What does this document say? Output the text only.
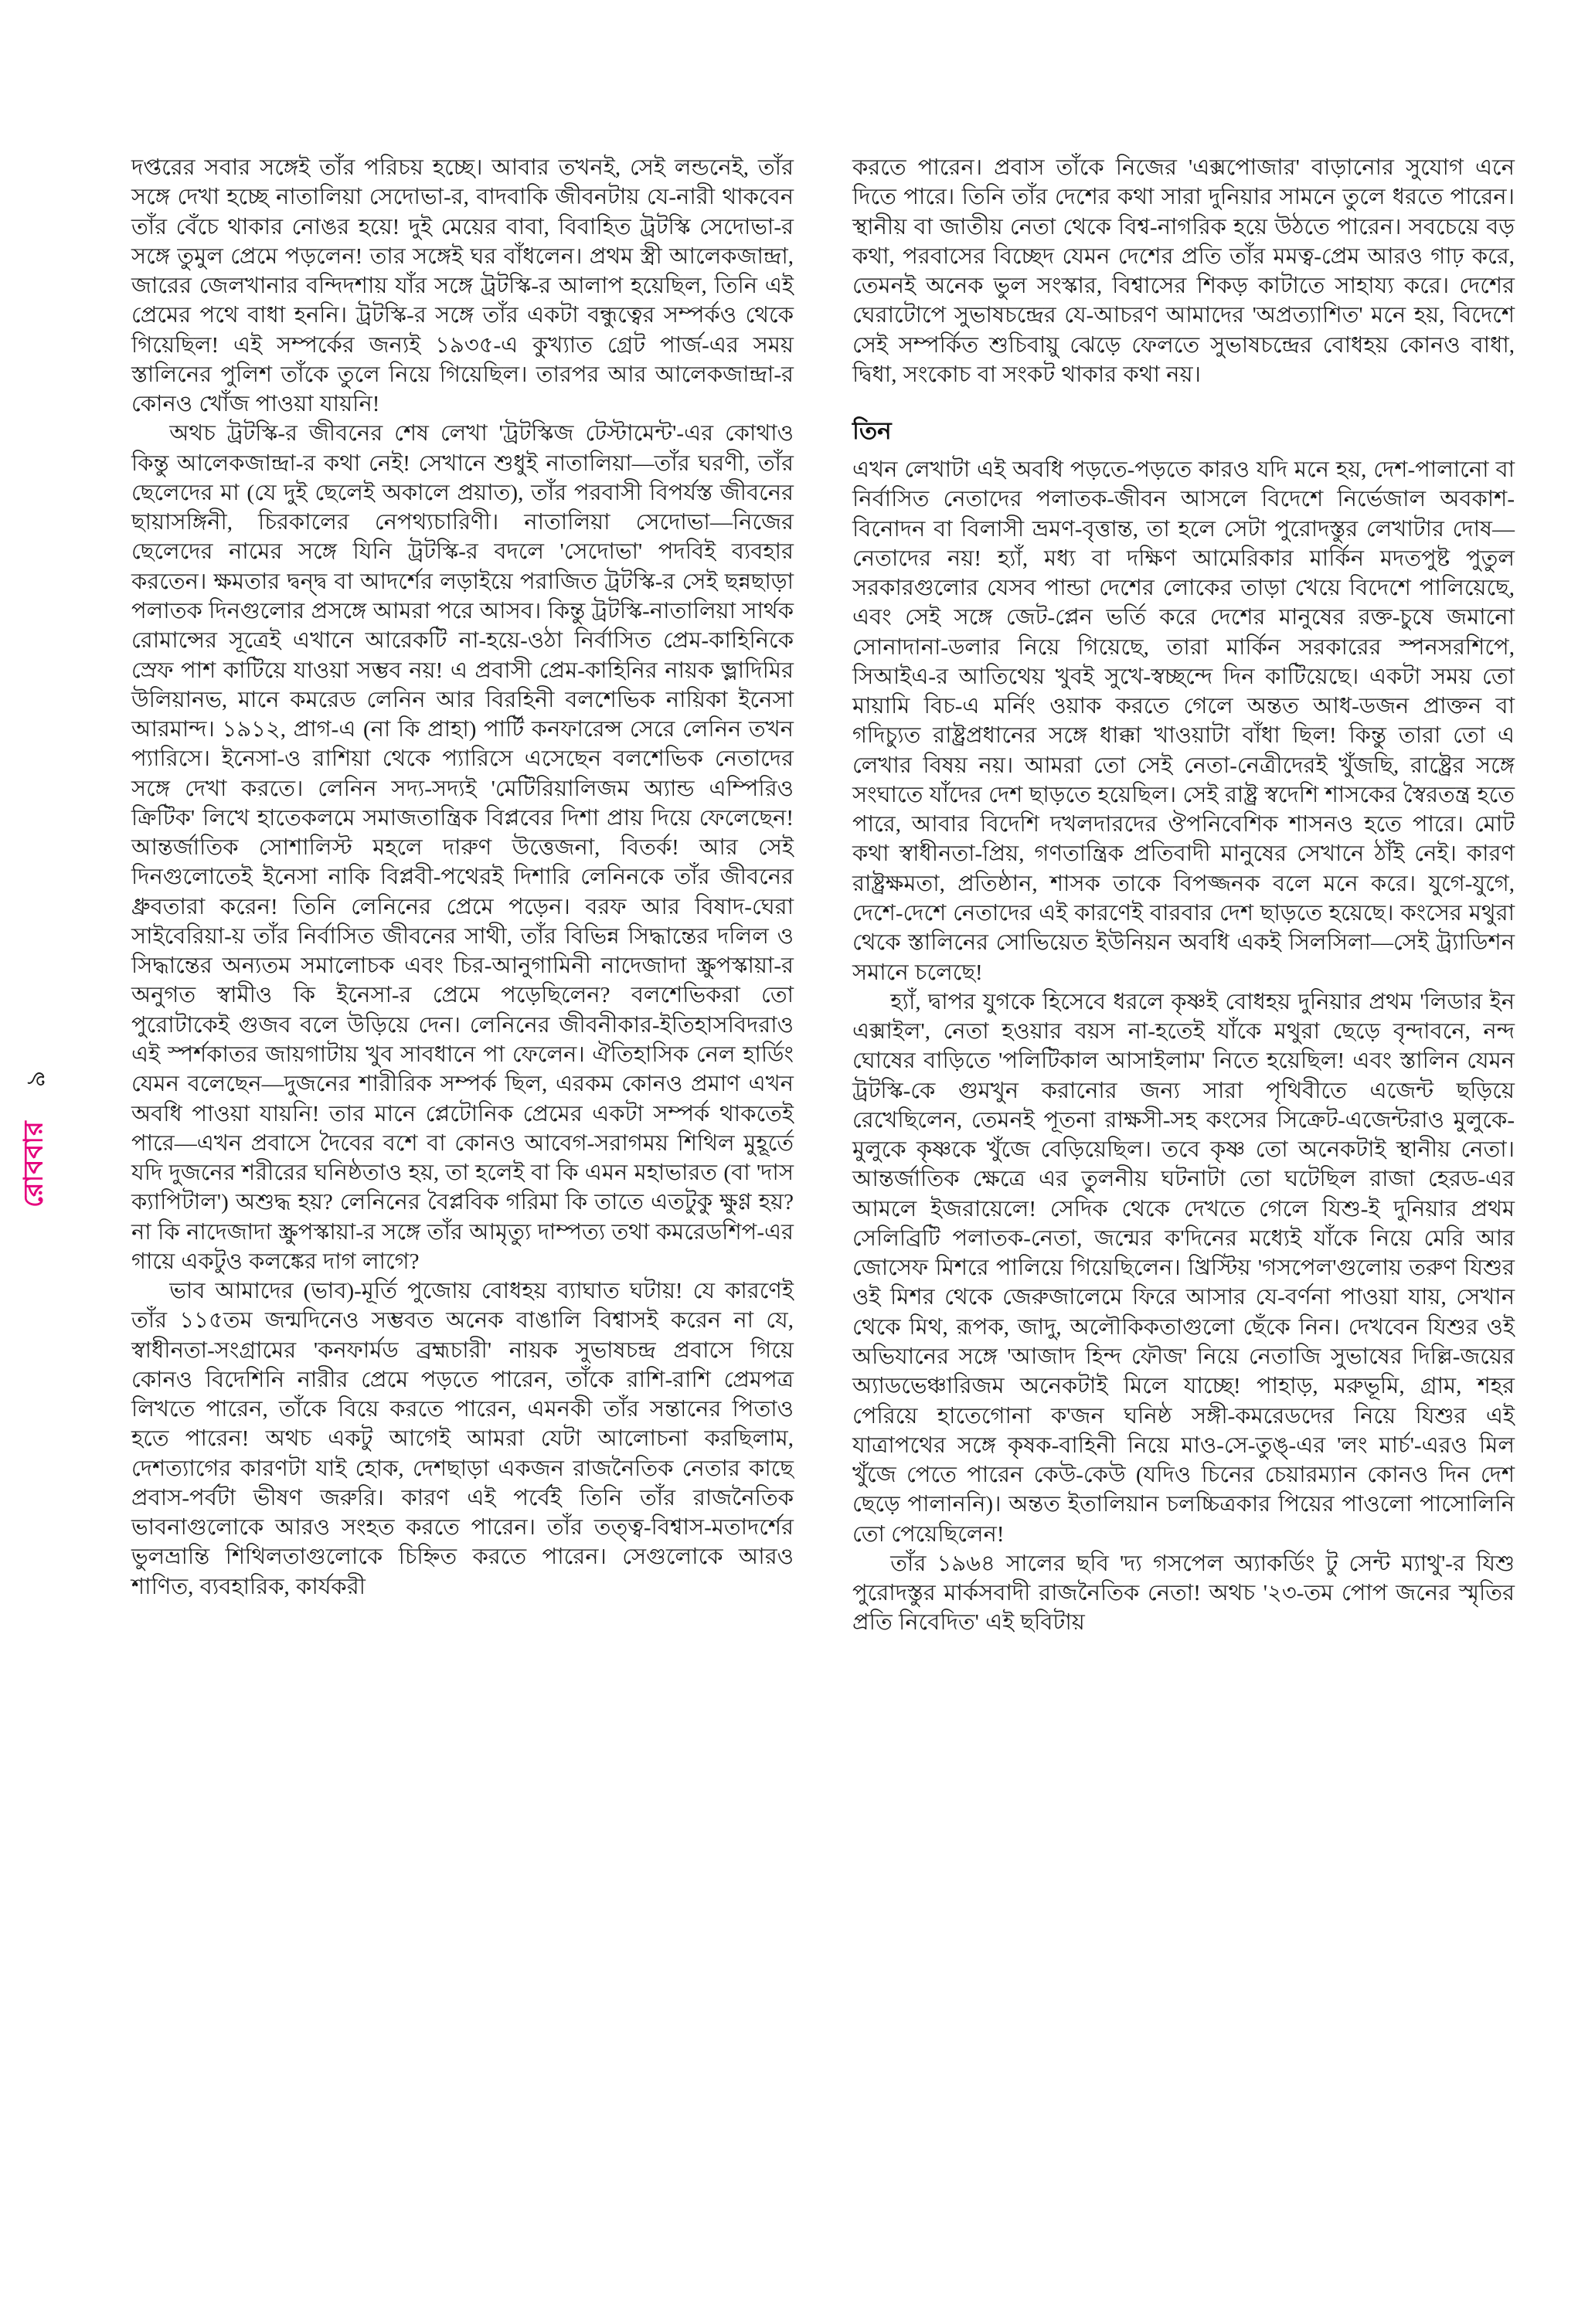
৯
রোববার

দপ্তরের সবার সঙ্গেই তাঁর পরিচয় হচ্ছে। আবার তখনই, সেই লন্ডনেই, তাঁর সঙ্গে দেখা হচ্ছে নাতালিয়া সেদোভা-র, বাদবাকি জীবনটায় যে-নারী থাকবেন তাঁর বেঁচে থাকার নোঙর হয়ে! দুই মেয়ের বাবা, বিবাহিত ট্রটস্কি সেদোভা-র সঙ্গে তুমুল প্রেমে পড়লেন! তার সঙ্গেই ঘর বাঁধলেন। প্রথম স্ত্রী আলেকজান্দ্রা, জারের জেলখানার বন্দিদশায় যাঁর সঙ্গে ট্রটস্কি-র আলাপ হয়েছিল, তিনি এই প্রেমের পথে বাধা হননি। ট্রটস্কি-র সঙ্গে তাঁর একটা বন্ধুত্বের সম্পর্কও থেকে গিয়েছিল! এই সম্পর্কের জন্যই ১৯৩৫-এ কুখ্যাত গ্রেট পার্জ-এর সময় স্তালিনের পুলিশ তাঁকে তুলে নিয়ে গিয়েছিল। তারপর আর আলেকজান্দ্রা-র কোনও খোঁজ পাওয়া যায়নি!

অথচ ট্রটস্কি-র জীবনের শেষ লেখা 'ট্রটস্কিজ টেস্টামেন্ট'-এর কোথাও কিন্তু আলেকজান্দ্রা-র কথা নেই! সেখানে শুধুই নাতালিয়া—তাঁর ঘরণী, তাঁর ছেলেদের মা (যে দুই ছেলেই অকালে প্রয়াত), তাঁর পরবাসী বিপর্যস্ত জীবনের ছায়াসঙ্গিনী, চিরকালের নেপথ্যচারিণী। নাতালিয়া সেদোভা—নিজের ছেলেদের নামের সঙ্গে যিনি ট্রটস্কি-র বদলে 'সেদোভা' পদবিই ব্যবহার করতেন। ক্ষমতার দ্বন্দ্ব বা আদর্শের লড়াইয়ে পরাজিত ট্রটস্কি-র সেই ছন্নছাড়া পলাতক দিনগুলোর প্রসঙ্গে আমরা পরে আসব। কিন্তু ট্রটস্কি-নাতালিয়া সার্থক রোমান্সের সূত্রেই এখানে আরেকটি না-হয়ে-ওঠা নির্বাসিত প্রেম-কাহিনিকে স্রেফ পাশ কাটিয়ে যাওয়া সম্ভব নয়! এ প্রবাসী প্রেম-কাহিনির নায়ক ভ্লাদিমির উলিয়ানভ, মানে কমরেড লেনিন আর বিরহিনী বলশেভিক নায়িকা ইনেসা আরমান্দ। ১৯১২, প্রাগ-এ (না কি প্রাহা) পার্টি কনফারেন্স সেরে লেনিন তখন প্যারিসে। ইনেসা-ও রাশিয়া থেকে প্যারিসে এসেছেন বলশেভিক নেতাদের সঙ্গে দেখা করতে। লেনিন সদ্য-সদ্যই 'মেটিরিয়ালিজম অ্যান্ড এম্পিরিও ক্রিটিক' লিখে হাতেকলমে সমাজতান্ত্রিক বিপ্লবের দিশা প্রায় দিয়ে ফেলেছেন! আন্তর্জাতিক সোশালিস্ট মহলে দারুণ উত্তেজনা, বিতর্ক! আর সেই দিনগুলোতেই ইনেসা নাকি বিপ্লবী-পথেরই দিশারি লেনিনকে তাঁর জীবনের ধ্রুবতারা করেন! তিনি লেনিনের প্রেমে পড়েন। বরফ আর বিষাদ-ঘেরা সাইবেরিয়া-য় তাঁর নির্বাসিত জীবনের সাথী, তাঁর বিভিন্ন সিদ্ধান্তের দলিল ও সিদ্ধান্তের অন্যতম সমালোচক এবং চির-আনুগামিনী নাদেজাদা স্ক্রুপস্কায়া-র অনুগত স্বামীও কি ইনেসা-র প্রেমে পড়েছিলেন? বলশেভিকরা তো পুরোটাকেই গুজব বলে উড়িয়ে দেন। লেনিনের জীবনীকার-ইতিহাসবিদরাও এই স্পর্শকাতর জায়গাটায় খুব সাবধানে পা ফেলেন। ঐতিহাসিক নেল হার্ডিং যেমন বলেছেন—দুজনের শারীরিক সম্পর্ক ছিল, এরকম কোনও প্রমাণ এখন অবধি পাওয়া যায়নি! তার মানে প্লেটোনিক প্রেমের একটা সম্পর্ক থাকতেই পারে—এখন প্রবাসে দৈবের বশে বা কোনও আবেগ-সরাগময় শিথিল মুহূর্তে যদি দুজনের শরীরের ঘনিষ্ঠতাও হয়, তা হলেই বা কি এমন মহাভারত (বা 'দাস ক্যাপিটাল') অশুদ্ধ হয়? লেনিনের বৈপ্লবিক গরিমা কি তাতে এতটুকু ক্ষুণ্ণ হয়? না কি নাদেজাদা স্ক্রুপস্কায়া-র সঙ্গে তাঁর আমৃত্যু দাম্পত্য তথা কমরেডশিপ-এর গায়ে একটুও কলঙ্কের দাগ লাগে?

ভাব আমাদের (ভাব)-মূর্তি পুজোয় বোধহয় ব্যাঘাত ঘটায়! যে কারণেই তাঁর ১১৫তম জন্মদিনেও সম্ভবত অনেক বাঙালি বিশ্বাসই করেন না যে, স্বাধীনতা-সংগ্রামের 'কনফার্মড ব্রহ্মচারী' নায়ক সুভাষচন্দ্র প্রবাসে গিয়ে কোনও বিদেশিনি নারীর প্রেমে পড়তে পারেন, তাঁকে রাশি-রাশি প্রেমপত্র লিখতে পারেন, তাঁকে বিয়ে করতে পারেন, এমনকী তাঁর সন্তানের পিতাও হতে পারেন! অথচ একটু আগেই আমরা যেটা আলোচনা করছিলাম, দেশত্যাগের কারণটা যাই হোক, দেশছাড়া একজন রাজনৈতিক নেতার কাছে প্রবাস-পর্বটা ভীষণ জরুরি। কারণ এই পর্বেই তিনি তাঁর রাজনৈতিক ভাবনাগুলোকে আরও সংহত করতে পারেন। তাঁর তত্ত্ব-বিশ্বাস-মতাদর্শের ভুলভ্রান্তি শিথিলতাগুলোকে চিহ্নিত করতে পারেন। সেগুলোকে আরও শাণিত, ব্যবহারিক, কার্যকরী

করতে পারেন। প্রবাস তাঁকে নিজের 'এক্সপোজার' বাড়ানোর সুযোগ এনে দিতে পারে। তিনি তাঁর দেশের কথা সারা দুনিয়ার সামনে তুলে ধরতে পারেন। স্থানীয় বা জাতীয় নেতা থেকে বিশ্ব-নাগরিক হয়ে উঠতে পারেন। সবচেয়ে বড় কথা, পরবাসের বিচ্ছেদ যেমন দেশের প্রতি তাঁর মমত্ব-প্রেম আরও গাঢ় করে, তেমনই অনেক ভুল সংস্কার, বিশ্বাসের শিকড় কাটাতে সাহায্য করে। দেশের ঘেরাটোপে সুভাষচন্দ্রের যে-আচরণ আমাদের 'অপ্রত্যাশিত' মনে হয়, বিদেশে সেই সম্পর্কিত শুচিবায়ু ঝেড়ে ফেলতে সুভাষচন্দ্রের বোধহয় কোনও বাধা, দ্বিধা, সংকোচ বা সংকট থাকার কথা নয়।

তিন

এখন লেখাটা এই অবধি পড়তে-পড়তে কারও যদি মনে হয়, দেশ-পালানো বা নির্বাসিত নেতাদের পলাতক-জীবন আসলে বিদেশে নির্ভেজাল অবকাশ-বিনোদন বা বিলাসী ভ্রমণ-বৃত্তান্ত, তা হলে সেটা পুরোদস্তুর লেখাটার দোষ—নেতাদের নয়! হ্যাঁ, মধ্য বা দক্ষিণ আমেরিকার মার্কিন মদতপুষ্ট পুতুল সরকারগুলোর যেসব পান্ডা দেশের লোকের তাড়া খেয়ে বিদেশে পালিয়েছে, এবং সেই সঙ্গে জেট-প্লেন ভর্তি করে দেশের মানুষের রক্ত-চুষে জমানো সোনাদানা-ডলার নিয়ে গিয়েছে, তারা মার্কিন সরকারের স্পনসরশিপে, সিআইএ-র আতিথেয় খুবই সুখে-স্বচ্ছন্দে দিন কাটিয়েছে। একটা সময় তো মায়ামি বিচ-এ মর্নিং ওয়াক করতে গেলে অন্তত আধ-ডজন প্রাক্তন বা গদিচ্যুত রাষ্ট্রপ্রধানের সঙ্গে ধাক্কা খাওয়াটা বাঁধা ছিল! কিন্তু তারা তো এ লেখার বিষয় নয়। আমরা তো সেই নেতা-নেত্রীদেরই খুঁজছি, রাষ্ট্রের সঙ্গে সংঘাতে যাঁদের দেশ ছাড়তে হয়েছিল। সেই রাষ্ট্র স্বদেশি শাসকের স্বৈরতন্ত্র হতে পারে, আবার বিদেশি দখলদারদের ঔপনিবেশিক শাসনও হতে পারে। মোট কথা স্বাধীনতা-প্রিয়, গণতান্ত্রিক প্রতিবাদী মানুষের সেখানে ঠাঁই নেই। কারণ রাষ্ট্রক্ষমতা, প্রতিষ্ঠান, শাসক তাকে বিপজ্জনক বলে মনে করে। যুগে-যুগে, দেশে-দেশে নেতাদের এই কারণেই বারবার দেশ ছাড়তে হয়েছে। কংসের মথুরা থেকে স্তালিনের সোভিয়েত ইউনিয়ন অবধি একই সিলসিলা—সেই ট্র্যাডিশন সমানে চলেছে!

হ্যাঁ, দ্বাপর যুগকে হিসেবে ধরলে কৃষ্ণই বোধহয় দুনিয়ার প্রথম 'লিডার ইন এক্সাইল', নেতা হওয়ার বয়স না-হতেই যাঁকে মথুরা ছেড়ে বৃন্দাবনে, নন্দ ঘোষের বাড়িতে 'পলিটিকাল আসাইলাম' নিতে হয়েছিল! এবং স্তালিন যেমন ট্রটস্কি-কে গুমখুন করানোর জন্য সারা পৃথিবীতে এজেন্ট ছড়িয়ে রেখেছিলেন, তেমনই পূতনা রাক্ষসী-সহ কংসের সিক্রেট-এজেন্টরাও মুলুকে-মুলুকে কৃষ্ণকে খুঁজে বেড়িয়েছিল। তবে কৃষ্ণ তো অনেকটাই স্থানীয় নেতা। আন্তর্জাতিক ক্ষেত্রে এর তুলনীয় ঘটনাটা তো ঘটেছিল রাজা হেরড-এর আমলে ইজরায়েলে! সেদিক থেকে দেখতে গেলে যিশু-ই দুনিয়ার প্রথম সেলিব্রিটি পলাতক-নেতা, জন্মের ক'দিনের মধ্যেই যাঁকে নিয়ে মেরি আর জোসেফ মিশরে পালিয়ে গিয়েছিলেন। খ্রিস্টিয় 'গসপেল'গুলোয় তরুণ যিশুর ওই মিশর থেকে জেরুজালেমে ফিরে আসার যে-বর্ণনা পাওয়া যায়, সেখান থেকে মিথ, রূপক, জাদু, অলৌকিকতাগুলো ছেঁকে নিন। দেখবেন যিশুর ওই অভিযানের সঙ্গে 'আজাদ হিন্দ ফৌজ' নিয়ে নেতাজি সুভাষের দিল্লি-জয়ের অ্যাডভেঞ্চারিজম অনেকটাই মিলে যাচ্ছে! পাহাড়, মরুভূমি, গ্রাম, শহর পেরিয়ে হাতেগোনা ক'জন ঘনিষ্ঠ সঙ্গী-কমরেডদের নিয়ে যিশুর এই যাত্রাপথের সঙ্গে কৃষক-বাহিনী নিয়ে মাও-সে-তুঙ্-এর 'লং মার্চ'-এরও মিল খুঁজে পেতে পারেন কেউ-কেউ (যদিও চিনের চেয়ারম্যান কোনও দিন দেশ ছেড়ে পালাননি)। অন্তত ইতালিয়ান চলচ্চিত্রকার পিয়ের পাওলো পাসোলিনি তো পেয়েছিলেন!

তাঁর ১৯৬৪ সালের ছবি 'দ্য গসপেল অ্যাকর্ডিং টু সেন্ট ম্যাথু'-র যিশু পুরোদস্তুর মার্কসবাদী রাজনৈতিক নেতা! অথচ '২৩-তম পোপ জনের স্মৃতির প্রতি নিবেদিত' এই ছবিটায়
